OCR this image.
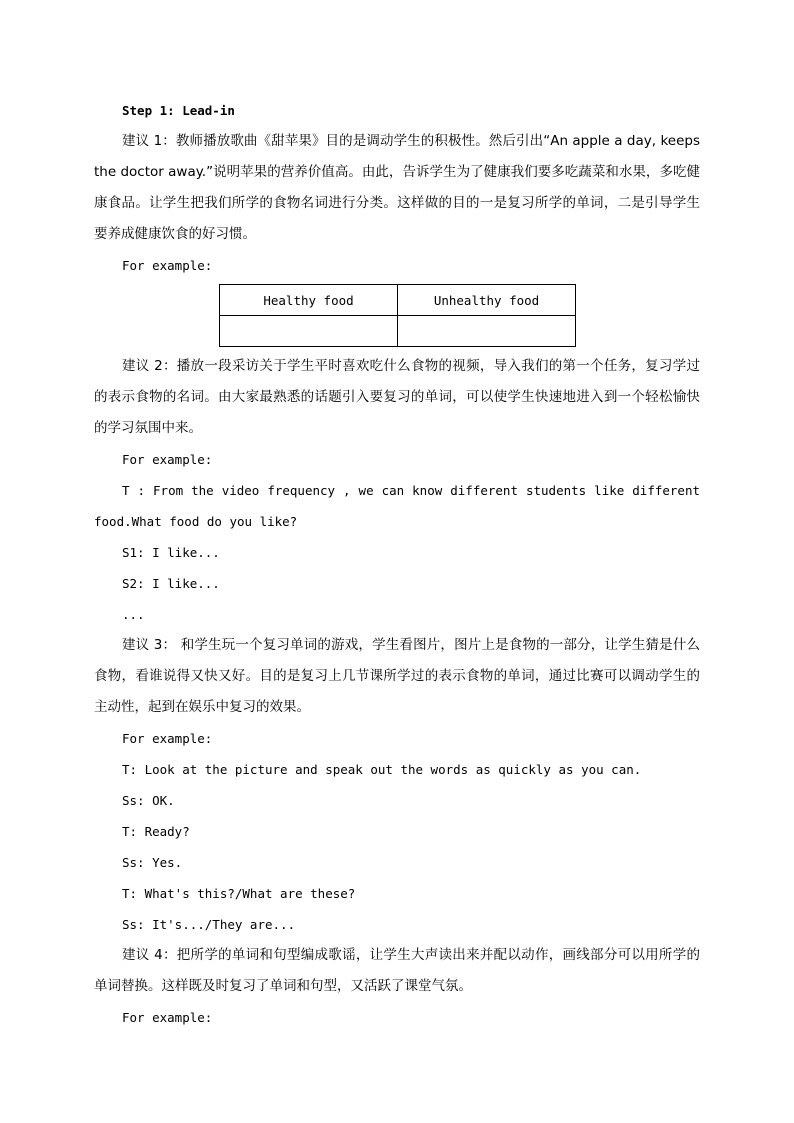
Step 1: Lead-in

建议 1：教师播放歌曲《甜苹果》目的是调动学生的积极性。然后引出“An apple a day, keeps the doctor away.”说明苹果的营养价值高。由此，告诉学生为了健康我们要多吃蔬菜和水果，多吃健康食品。让学生把我们所学的食物名词进行分类。这样做的目的一是复习所学的单词，二是引导学生要养成健康饮食的好习惯。

For example:
Healthy food	Unhealthy food

建议 2：播放一段采访关于学生平时喜欢吃什么食物的视频，导入我们的第一个任务，复习学过的表示食物的名词。由大家最熟悉的话题引入要复习的单词，可以使学生快速地进入到一个轻松愉快的学习氛围中来。

For example:

T : From the video frequency , we can know different students like different food.What food do you like?

S1: I like...
S2: I like...
...

建议 3： 和学生玩一个复习单词的游戏，学生看图片，图片上是食物的一部分，让学生猜是什么食物，看谁说得又快又好。目的是复习上几节课所学过的表示食物的单词，通过比赛可以调动学生的主动性，起到在娱乐中复习的效果。

For example:
T: Look at the picture and speak out the words as quickly as you can.
Ss: OK.
T: Ready?
Ss: Yes.
T: What's this?/What are these?
Ss: It's.../They are...

建议 4：把所学的单词和句型编成歌谣，让学生大声读出来并配以动作，画线部分可以用所学的单词替换。这样既及时复习了单词和句型，又活跃了课堂气氛。

For example:
